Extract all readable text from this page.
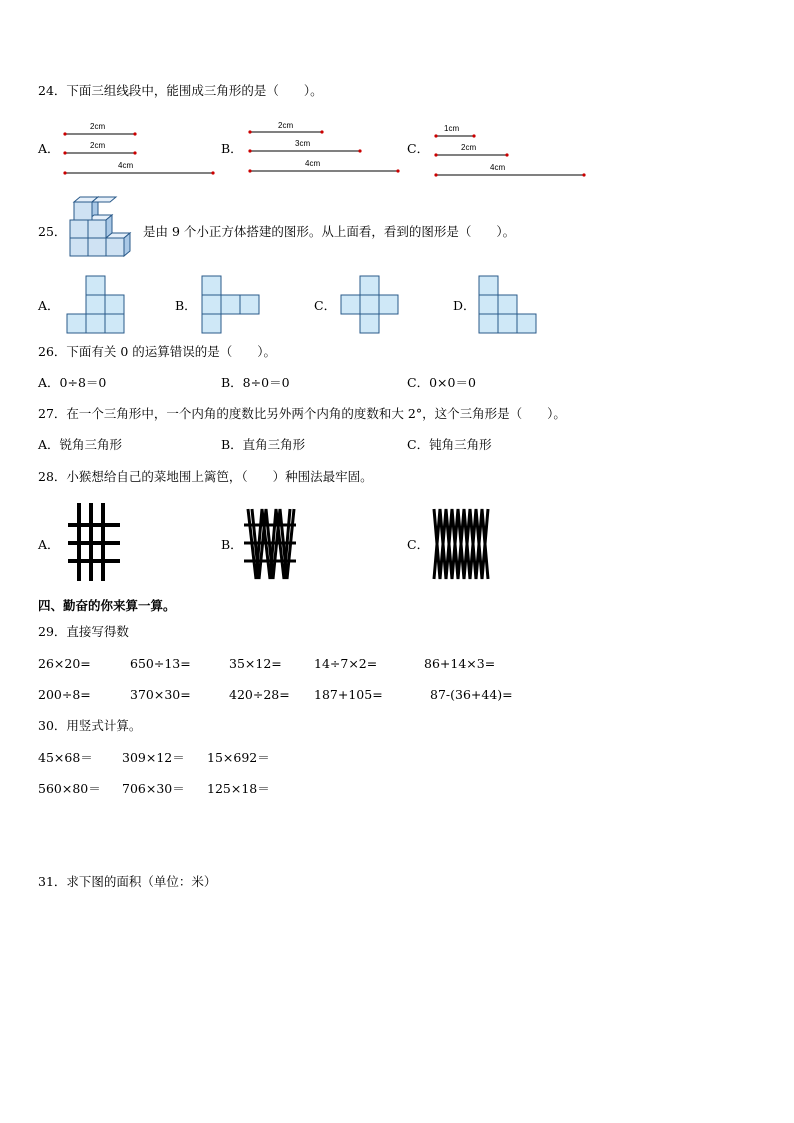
24．下面三组线段中，能围成三角形的是（　　）。
A．	B．	C．
2cm
2cm
4cm
2cm
3cm
4cm
1cm
2cm
4cm
25．	是由 9 个小正方体搭建的图形。从上面看，看到的图形是（　　）。
A．	B．	C．	D．
26．下面有关 0 的运算错误的是（　　）。
A．0÷8＝0	B．8÷0＝0	C．0×0＝0
27．在一个三角形中，一个内角的度数比另外两个内角的度数和大 2°，这个三角形是（　　）。
A．锐角三角形	B．直角三角形	C．钝角三角形
28．小猴想给自己的菜地围上篱笆，（　　）种围法最牢固。
A．	B．	C．
四、勤奋的你来算一算。
29．直接写得数
26×20=	650÷13=	35×12=	14÷7×2=	86+14×3=
200÷8=	370×30=	420÷28= 187+105=	87-(36+44)=
30．用竖式计算。
45×68＝ 309×12＝ 15×692＝
560×80＝ 706×30＝ 125×18＝
31．求下图的面积（单位：米）
